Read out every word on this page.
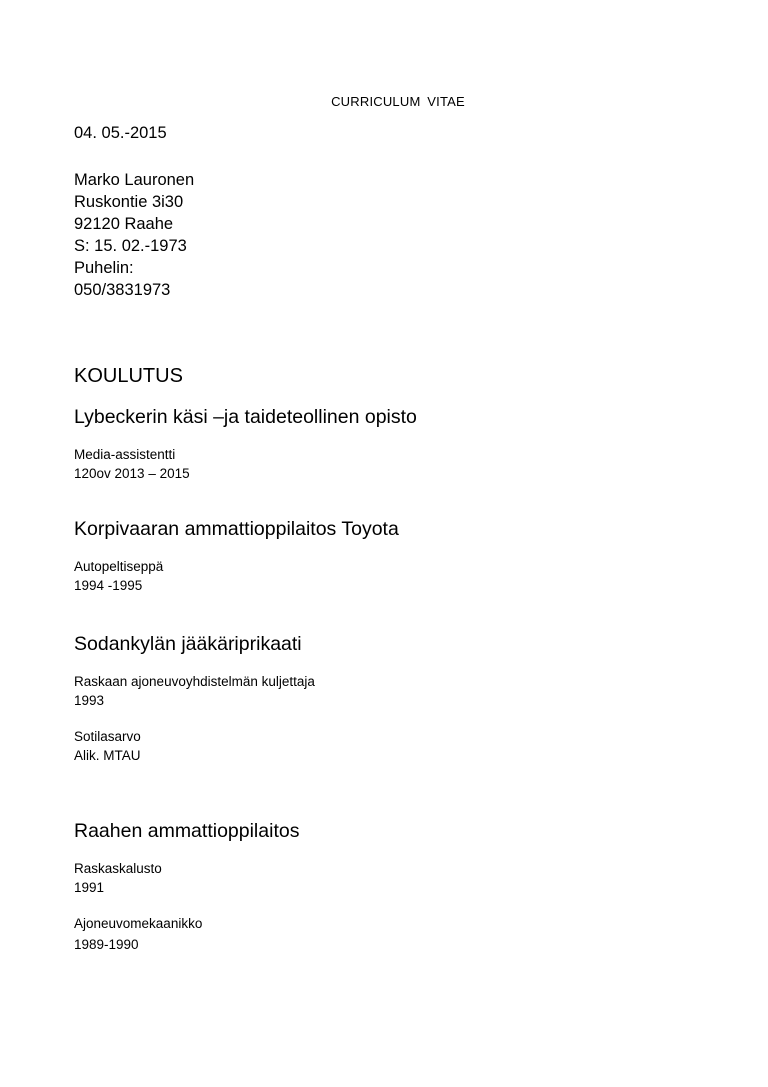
CURRICULUM VITAE
04. 05.-2015
Marko Lauronen
Ruskontie 3i30
92120 Raahe
S: 15. 02.-1973
Puhelin:
050/3831973
KOULUTUS
Lybeckerin käsi –ja taideteollinen opisto
Media-assistentti
120ov 2013 – 2015
Korpivaaran ammattioppilaitos Toyota
Autopeltiseppä
1994 -1995
Sodankylän jääkäriprikaati
Raskaan ajoneuvoyhdistelmän kuljettaja
1993
Sotilasarvo
Alik. MTAU
Raahen ammattioppilaitos
Raskaskalusto
1991
Ajoneuvomekaanikko
1989-1990
